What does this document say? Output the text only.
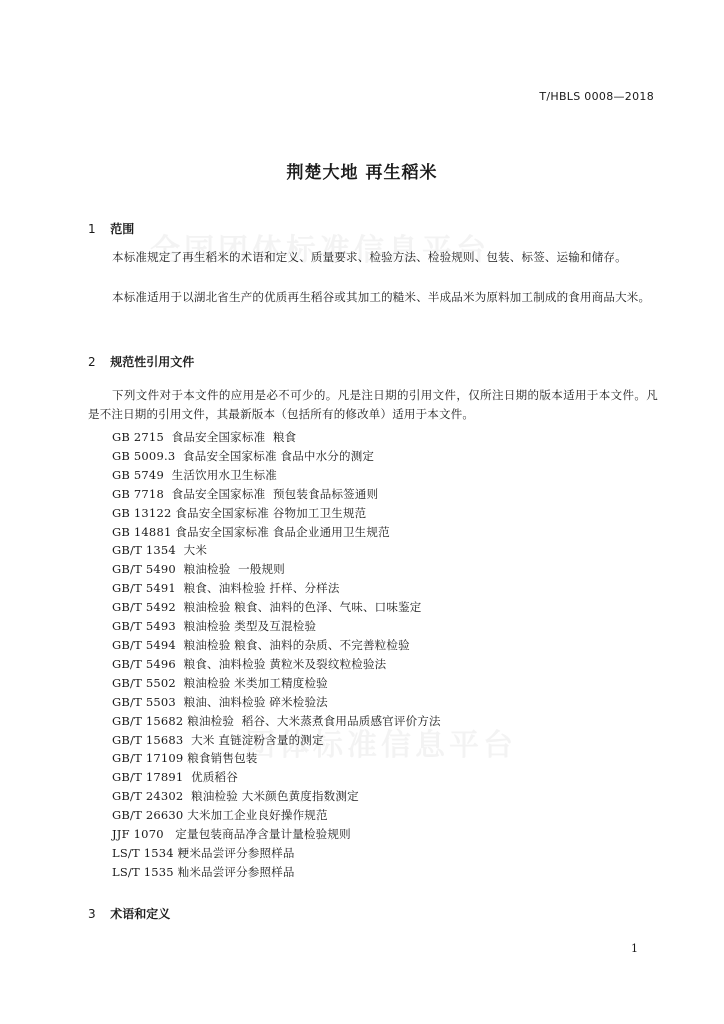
T/HBLS 0008—2018
荆楚大地 再生稻米
1 范围

本标准规定了再生稻米的术语和定义、质量要求、检验方法、检验规则、包装、标签、运输和储存。

本标准适用于以湖北省生产的优质再生稻谷或其加工的糙米、半成品米为原料加工制成的食用商品大米。

2 规范性引用文件

下列文件对于本文件的应用是必不可少的。凡是注日期的引用文件，仅所注日期的版本适用于本文件。凡是不注日期的引用文件，其最新版本（包括所有的修改单）适用于本文件。

GB 2715  食品安全国家标准  粮食
GB 5009.3  食品安全国家标准 食品中水分的测定
GB 5749  生活饮用水卫生标准
GB 7718  食品安全国家标准  预包装食品标签通则
GB 13122 食品安全国家标准 谷物加工卫生规范
GB 14881 食品安全国家标准 食品企业通用卫生规范
GB/T 1354  大米
GB/T 5490  粮油检验  一般规则
GB/T 5491  粮食、油料检验 扦样、分样法
GB/T 5492  粮油检验 粮食、油料的色泽、气味、口味鉴定
GB/T 5493  粮油检验 类型及互混检验
GB/T 5494  粮油检验 粮食、油料的杂质、不完善粒检验
GB/T 5496  粮食、油料检验 黄粒米及裂纹粒检验法
GB/T 5502  粮油检验 米类加工精度检验
GB/T 5503  粮油、油料检验 碎米检验法
GB/T 15682 粮油检验  稻谷、大米蒸煮食用品质感官评价方法
GB/T 15683  大米 直链淀粉含量的测定
GB/T 17109 粮食销售包装
GB/T 17891  优质稻谷
GB/T 24302  粮油检验 大米颜色黄度指数测定
GB/T 26630 大米加工企业良好操作规范
JJF 1070   定量包装商品净含量计量检验规则
LS/T 1534 粳米品尝评分参照样品
LS/T 1535 籼米品尝评分参照样品
3 术语和定义
1
